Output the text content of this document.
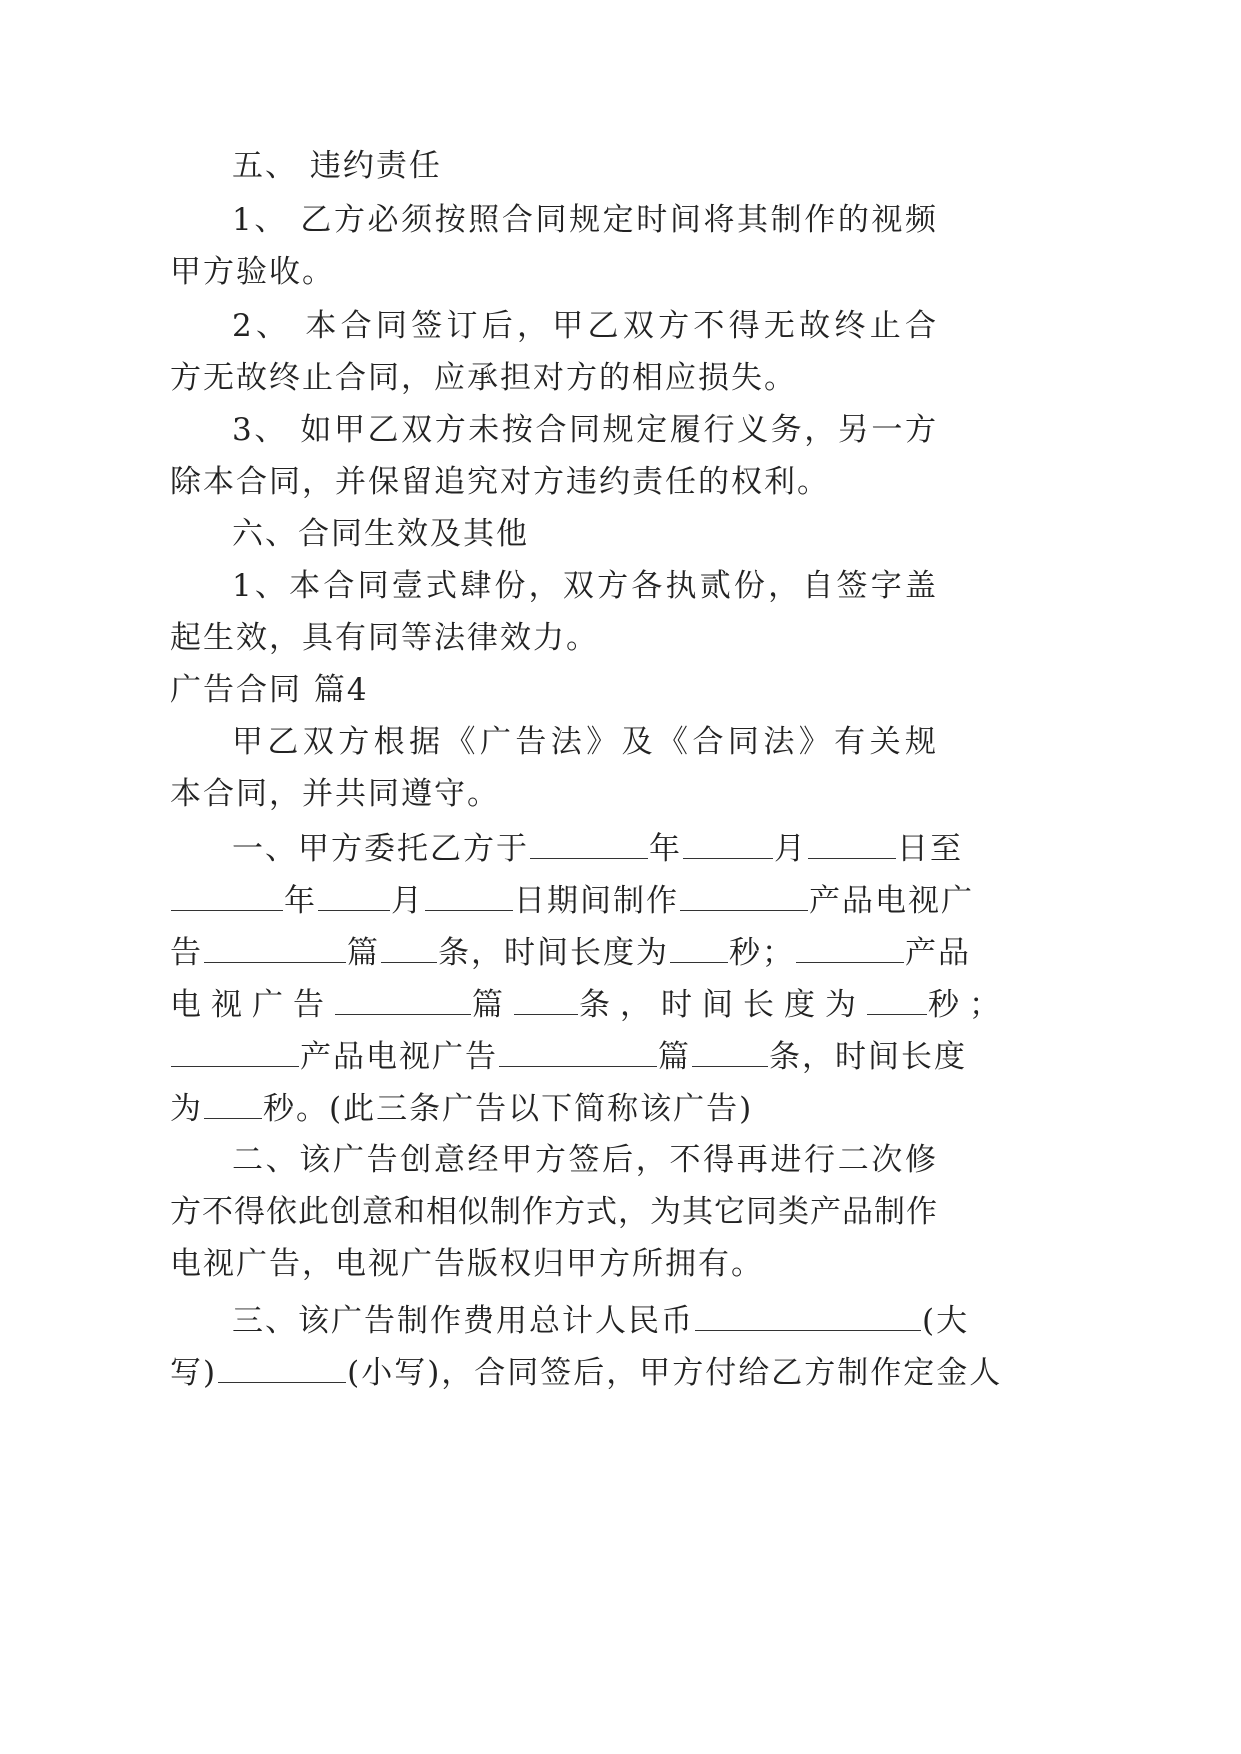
五、 违约责任
1、 乙方必须按照合同规定时间将其制作的视频
甲方验收。
2、 本合同签订后，甲乙双方不得无故终止合
方无故终止合同，应承担对方的相应损失。
3、 如甲乙双方未按合同规定履行义务，另一方
除本合同，并保留追究对方违约责任的权利。
六、合同生效及其他
1、本合同壹式肆份，双方各执贰份，自签字盖
起生效，具有同等法律效力。
广告合同 篇4
甲乙双方根据《广告法》及《合同法》有关规
本合同，并共同遵守。
一、甲方委托乙方于	年	月	日至
年 月	日期间制作	产品电视广
告	篇 条，时间长度为 秒；	产品
电视广告	篇 条，时间长度为 秒；
产品电视广告	篇	条，时间长度
为 秒。(此三条广告以下简称该广告)
二、该广告创意经甲方签后，不得再进行二次修
方不得依此创意和相似制作方式，为其它同类产品制作
电视广告，电视广告版权归甲方所拥有。
三、该广告制作费用总计人民币	(大
写)	(小写)，合同签后，甲方付给乙方制作定金人
